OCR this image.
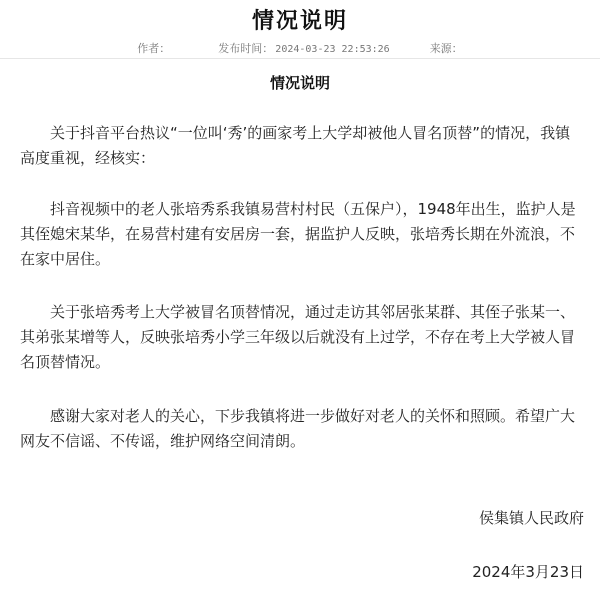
情况说明
作者：	发布时间： 2024-03-23 22:53:26	来源：
情况说明

关于抖音平台热议“一位叫‘秀’的画家考上大学却被他人冒名顶替”的情况，我镇高度重视，经核实：

抖音视频中的老人张培秀系我镇易营村村民（五保户），1948年出生，监护人是其侄媳宋某华，在易营村建有安居房一套，据监护人反映，张培秀长期在外流浪，不在家中居住。

关于张培秀考上大学被冒名顶替情况，通过走访其邻居张某群、其侄子张某一、其弟张某增等人，反映张培秀小学三年级以后就没有上过学，不存在考上大学被人冒名顶替情况。

感谢大家对老人的关心，下步我镇将进一步做好对老人的关怀和照顾。希望广大网友不信谣、不传谣，维护网络空间清朗。

侯集镇人民政府
2024年3月23日
